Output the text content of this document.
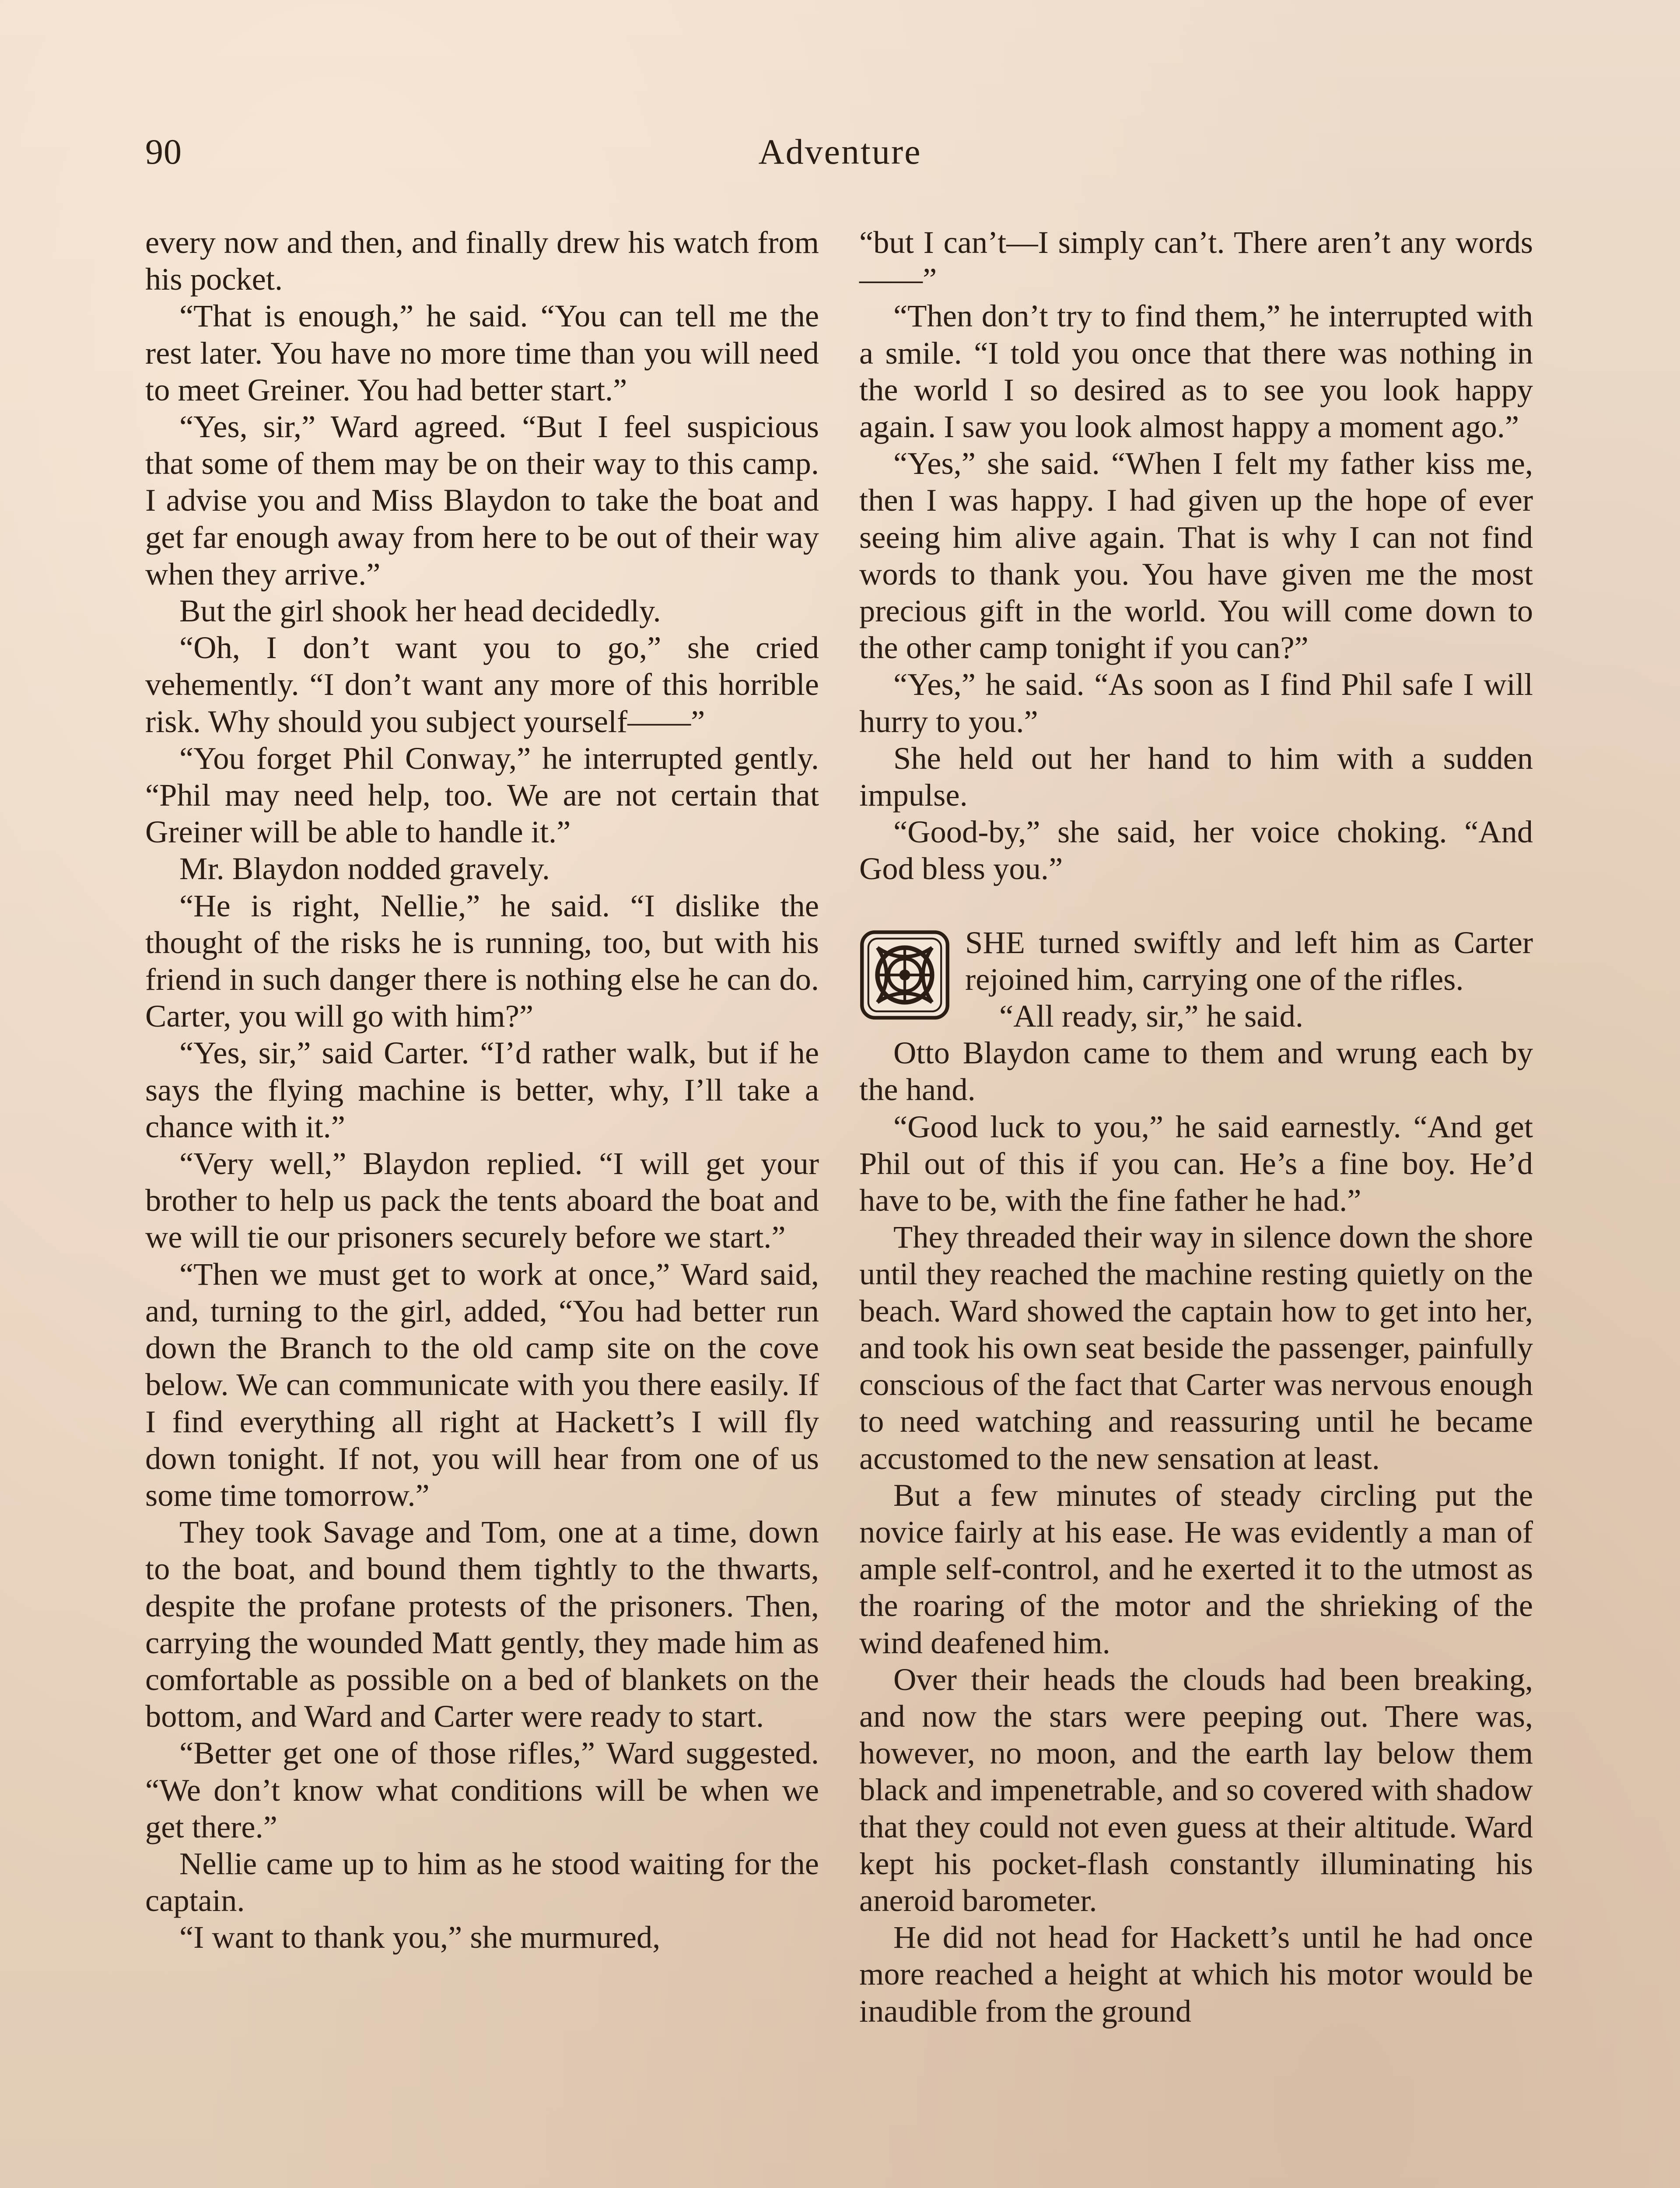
90	Adventure

every now and then, and finally drew his watch from his pocket.

“That is enough,” he said. “You can tell me the rest later. You have no more time than you will need to meet Greiner. You had better start.”

“Yes, sir,” Ward agreed. “But I feel suspicious that some of them may be on their way to this camp. I advise you and Miss Blaydon to take the boat and get far enough away from here to be out of their way when they arrive.”

But the girl shook her head decidedly.

“Oh, I don’t want you to go,” she cried vehemently. “I don’t want any more of this horrible risk. Why should you subject yourself——”

“You forget Phil Conway,” he interrupted gently. “Phil may need help, too. We are not certain that Greiner will be able to handle it.”

Mr. Blaydon nodded gravely.

“He is right, Nellie,” he said. “I dislike the thought of the risks he is running, too, but with his friend in such danger there is nothing else he can do. Carter, you will go with him?”

“Yes, sir,” said Carter. “I’d rather walk, but if he says the flying machine is better, why, I’ll take a chance with it.”

“Very well,” Blaydon replied. “I will get your brother to help us pack the tents aboard the boat and we will tie our prisoners securely before we start.”

“Then we must get to work at once,” Ward said, and, turning to the girl, added, “You had better run down the Branch to the old camp site on the cove below. We can communicate with you there easily. If I find everything all right at Hackett’s I will fly down tonight. If not, you will hear from one of us some time tomorrow.”

They took Savage and Tom, one at a time, down to the boat, and bound them tightly to the thwarts, despite the profane protests of the prisoners. Then, carrying the wounded Matt gently, they made him as comfortable as possible on a bed of blankets on the bottom, and Ward and Carter were ready to start.

“Better get one of those rifles,” Ward suggested. “We don’t know what conditions will be when we get there.”

Nellie came up to him as he stood waiting for the captain.

“I want to thank you,” she murmured,

“but I can’t—I simply can’t. There aren’t any words——”

“Then don’t try to find them,” he interrupted with a smile. “I told you once that there was nothing in the world I so desired as to see you look happy again. I saw you look almost happy a moment ago.”

“Yes,” she said. “When I felt my father kiss me, then I was happy. I had given up the hope of ever seeing him alive again. That is why I can not find words to thank you. You have given me the most precious gift in the world. You will come down to the other camp tonight if you can?”

“Yes,” he said. “As soon as I find Phil safe I will hurry to you.”

She held out her hand to him with a sudden impulse.

“Good-by,” she said, her voice choking. “And God bless you.”

SHE turned swiftly and left him as Carter rejoined him, carrying one of the rifles.

“All ready, sir,” he said.

Otto Blaydon came to them and wrung each by the hand.

“Good luck to you,” he said earnestly. “And get Phil out of this if you can. He’s a fine boy. He’d have to be, with the fine father he had.”

They threaded their way in silence down the shore until they reached the machine resting quietly on the beach. Ward showed the captain how to get into her, and took his own seat beside the passenger, painfully conscious of the fact that Carter was nervous enough to need watching and reassuring until he became accustomed to the new sensation at least.

But a few minutes of steady circling put the novice fairly at his ease. He was evidently a man of ample self-control, and he exerted it to the utmost as the roaring of the motor and the shrieking of the wind deafened him.

Over their heads the clouds had been breaking, and now the stars were peeping out. There was, however, no moon, and the earth lay below them black and impenetrable, and so covered with shadow that they could not even guess at their altitude. Ward kept his pocket-flash constantly illuminating his aneroid barometer.

He did not head for Hackett’s until he had once more reached a height at which his motor would be inaudible from the ground
